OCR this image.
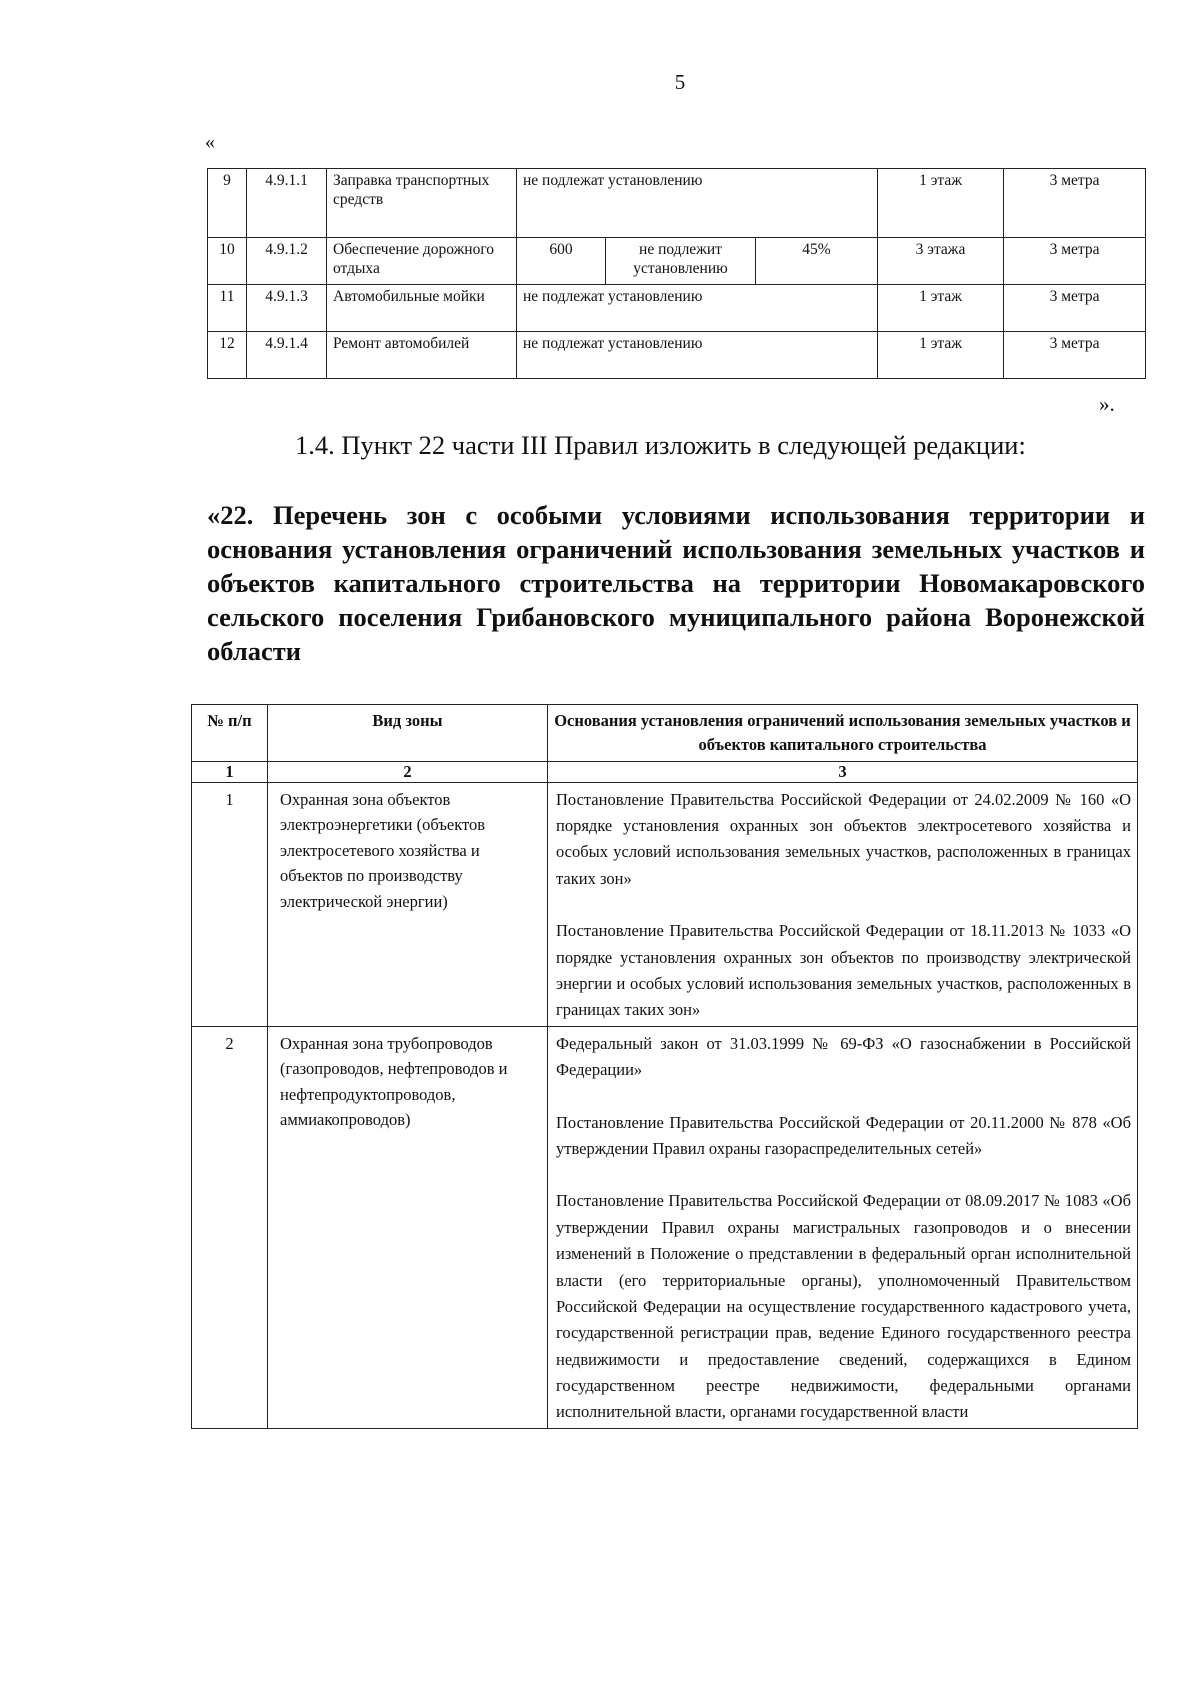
5
«
9	4.9.1.1	Заправка транспортных средств	не подлежат установлению			1 этаж	3 метра
10	4.9.1.2	Обеспечение дорожного отдыха	600	не подлежит установлению	45%	3 этажа	3 метра
11	4.9.1.3	Автомобильные мойки	не подлежат установлению			1 этаж	3 метра
12	4.9.1.4	Ремонт автомобилей	не подлежат установлению			1 этаж	3 метра
».
1.4. Пункт 22 части III Правил изложить в следующей редакции:
«22. Перечень зон с особыми условиями использования территории и основания установления ограничений использования земельных участков и объектов капитального строительства на территории Новомакаровского сельского поселения Грибановского муниципального района Воронежской области
№ п/п	Вид зоны	Основания установления ограничений использования земельных участков и объектов капитального строительства
1	2	3
1	Охранная зона объектов электроэнергетики (объектов электросетевого хозяйства и объектов по производству электрической энергии)	Постановление Правительства Российской Федерации от 24.02.2009 № 160 «О порядке установления охранных зон объектов электросетевого хозяйства и особых условий использования земельных участков, расположенных в границах таких зон»

Постановление Правительства Российской Федерации от 18.11.2013 № 1033 «О порядке установления охранных зон объектов по производству электрической энергии и особых условий использования земельных участков, расположенных в границах таких зон»

2	Охранная зона трубопроводов (газопроводов, нефтепроводов и нефтепродуктопроводов, аммиакопроводов)	Федеральный закон от 31.03.1999 № 69-ФЗ «О газоснабжении в Российской Федерации»

Постановление Правительства Российской Федерации от 20.11.2000 № 878 «Об утверждении Правил охраны газораспределительных сетей»

Постановление Правительства Российской Федерации от 08.09.2017 № 1083 «Об утверждении Правил охраны магистральных газопроводов и о внесении изменений в Положение о представлении в федеральный орган исполнительной власти (его территориальные органы), уполномоченный Правительством Российской Федерации на осуществление государственного кадастрового учета, государственной регистрации прав, ведение Единого государственного реестра недвижимости и предоставление сведений, содержащихся в Едином государственном реестре недвижимости, федеральными органами исполнительной власти, органами государственной власти
